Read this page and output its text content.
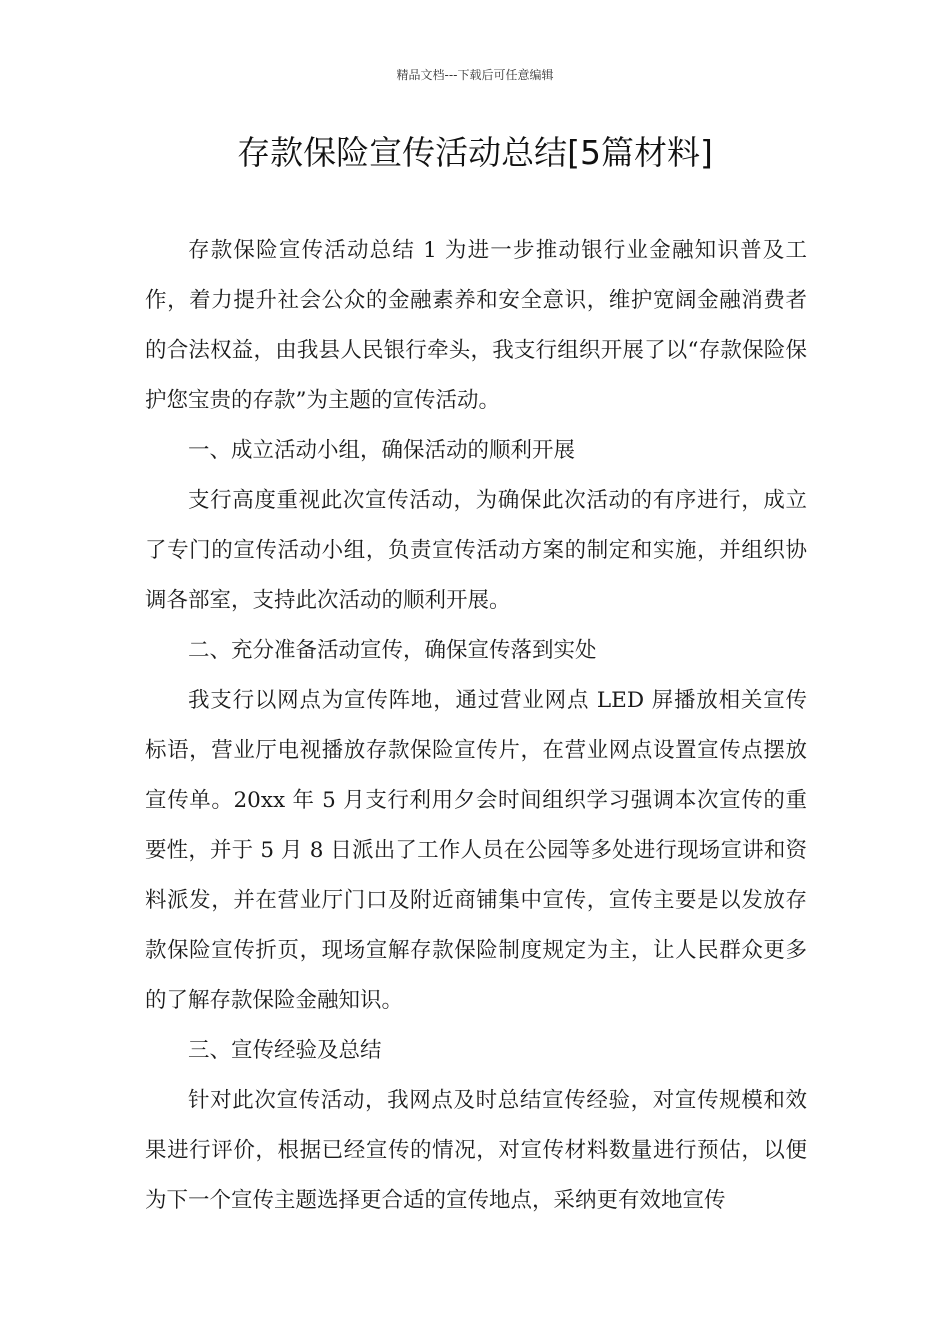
精品文档---下载后可任意编辑
存款保险宣传活动总结[5篇材料]

存款保险宣传活动总结 1 为进一步推动银行业金融知识普及工作，着力提升社会公众的金融素养和安全意识，维护宽阔金融消费者的合法权益，由我县人民银行牵头，我支行组织开展了以“存款保险保护您宝贵的存款”为主题的宣传活动。

一、成立活动小组，确保活动的顺利开展

支行高度重视此次宣传活动，为确保此次活动的有序进行，成立了专门的宣传活动小组，负责宣传活动方案的制定和实施，并组织协调各部室，支持此次活动的顺利开展。

二、充分准备活动宣传，确保宣传落到实处

我支行以网点为宣传阵地，通过营业网点 LED 屏播放相关宣传标语，营业厅电视播放存款保险宣传片，在营业网点设置宣传点摆放宣传单。20xx 年 5 月支行利用夕会时间组织学习强调本次宣传的重要性，并于 5 月 8 日派出了工作人员在公园等多处进行现场宣讲和资料派发，并在营业厅门口及附近商铺集中宣传，宣传主要是以发放存款保险宣传折页，现场宣解存款保险制度规定为主，让人民群众更多的了解存款保险金融知识。

三、宣传经验及总结

针对此次宣传活动，我网点及时总结宣传经验，对宣传规模和效果进行评价，根据已经宣传的情况，对宣传材料数量进行预估，以便为下一个宣传主题选择更合适的宣传地点，采纳更有效地宣传
